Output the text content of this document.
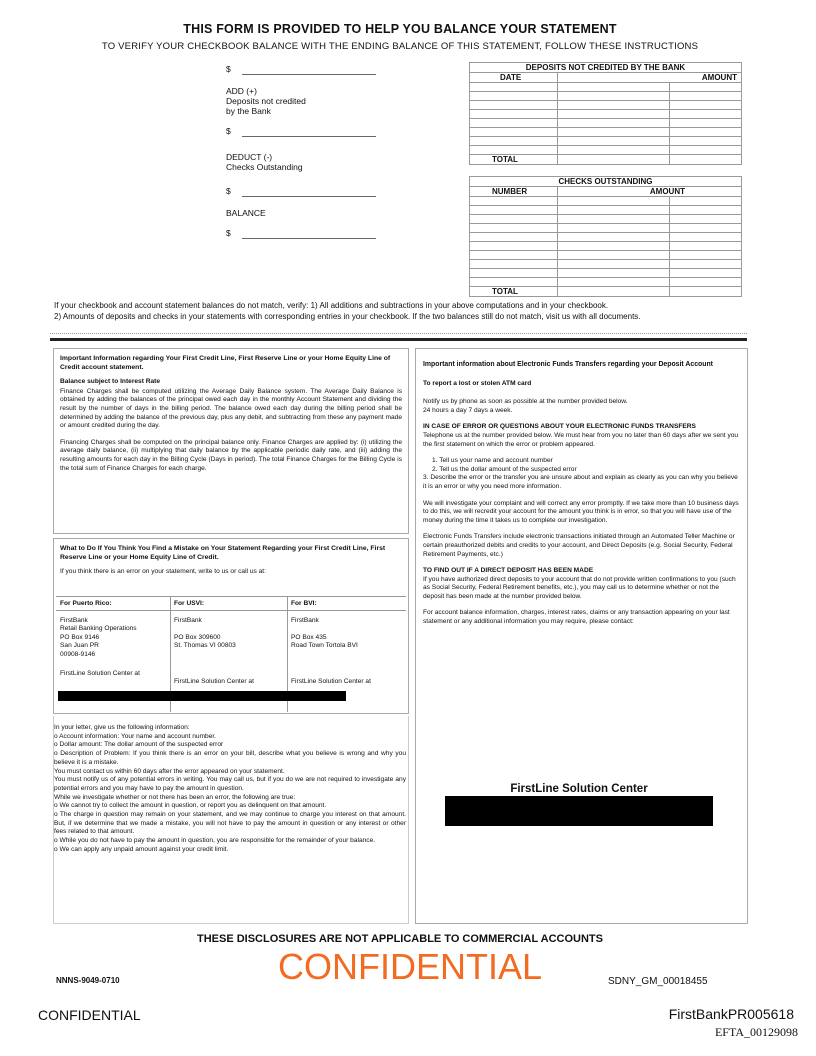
THIS FORM IS PROVIDED TO HELP YOU BALANCE YOUR STATEMENT
TO VERIFY YOUR CHECKBOOK BALANCE WITH THE ENDING BALANCE OF THIS STATEMENT, FOLLOW THESE INSTRUCTIONS
$
ADD (+)
Deposits not credited
by the Bank
$
DEDUCT (-)
Checks Outstanding
$
BALANCE
$
DEPOSITS NOT CREDITED BY THE BANK		
DATE	AMOUNT	

TOTAL		
CHECKS OUTSTANDING		
NUMBER	AMOUNT	

TOTAL		
If your checkbook and account statement balances do not match, verify: 1) All additions and subtractions in your above computations and in your checkbook.
2) Amounts of deposits and checks in your statements with corresponding entries in your checkbook. If the two balances still do not match, visit us with all documents.

Important Information regarding Your First Credit Line, First Reserve Line or your Home Equity Line of Credit account statement.

Balance subject to Interest Rate

Finance Charges shall be computed utilizing the Average Daily Balance system. The Average Daily Balance is obtained by adding the balances of the principal owed each day in the monthly Account Statement and dividing the result by the number of days in the billing period. The balance owed each day during the billing period shall be determined by adding the balance of the previous day, plus any debit, and subtracting from these any payment made or amount credited during the day.

Financing Charges shall be computed on the principal balance only. Finance Charges are applied by: (i) utilizing the average daily balance, (ii) multiplying that daily balance by the applicable periodic daily rate, and (iii) adding the resulting amounts for each day in the Billing Cycle (Days in period). The total Finance Charges for the Billing Cycle is the total sum of Finance Charges for each charge.

What to Do If You Think You Find a Mistake on Your Statement Regarding your First Credit Line, First Reserve Line or your Home Equity Line of Credit.

If you think there is an error on your statement, write to us or call us at:

For Puerto Rico:
FirstBank
Retail Banking Operations
PO Box 9146
San Juan PR
00908-9146
FirstLine Solution Center at
For USVI:
FirstBank
PO Box 309600
St. Thomas VI 00803
FirstLine Solution Center at
For BVI:
FirstBank
PO Box 435
Road Town Tortola BVI
FirstLine Solution Center at
In your letter, give us the following information:
o Account information: Your name and account number.
o Dollar amount: The dollar amount of the suspected error
o Description of Problem: If you think there is an error on your bill, describe what you believe is wrong and why you believe it is a mistake.
You must contact us within 60 days after the error appeared on your statement.
You must notify us of any potential errors in writing. You may call us, but if you do we are not required to investigate any potential errors and you may have to pay the amount in question.
While we investigate whether or not there has been an error, the following are true:
o We cannot try to collect the amount in question, or report you as delinquent on that amount.
o The charge in question may remain on your statement, and we may continue to charge you interest on that amount. But, if we determine that we made a mistake, you will not have to pay the amount in question or any interest or other fees related to that amount.
o While you do not have to pay the amount in question, you are responsible for the remainder of your balance.
o We can apply any unpaid amount against your credit limit.

Important information about Electronic Funds Transfers regarding your Deposit Account

To report a lost or stolen ATM card

Notify us by phone as soon as possible at the number provided below.

24 hours a day 7 days a week.

IN CASE OF ERROR OR QUESTIONS ABOUT YOUR ELECTRONIC FUNDS TRANSFERS

Telephone us at the number provided below. We must hear from you no later than 60 days after we sent you the first statement on which the error or problem appeared.

1. Tell us your name and account number
2. Tell us the dollar amount of the suspected error

3. Describe the error or the transfer you are unsure about and explain as clearly as you can why you believe it is an error or why you need more information.

We will investigate your complaint and will correct any error promptly. If we take more than 10 business days to do this, we will recredit your account for the amount you think is in error, so that you will have use of the money during the time it takes us to complete our investigation.

Electronic Funds Transfers include electronic transactions initiated through an Automated Teller Machine or certain preauthorized debits and credits to your account, and Direct Deposits (e.g. Social Security, Federal Retirement Payments, etc.)

TO FIND OUT IF A DIRECT DEPOSIT HAS BEEN MADE

If you have authorized direct deposits to your account that do not provide written confirmations to you (such as Social Security, Federal Retirement benefits, etc.), you may call us to determine whether or not the deposit has been made at the number provided below.

For account balance information, charges, interest rates, claims or any transaction appearing on your last statement or any additional information you may require, please contact:

FirstLine Solution Center
THESE DISCLOSURES ARE NOT APPLICABLE TO COMMERCIAL ACCOUNTS
NNNS-9049-0710	CONFIDENTIAL	SDNY_GM_00018455
CONFIDENTIAL	FirstBankPR005618
EFTA_00129098
